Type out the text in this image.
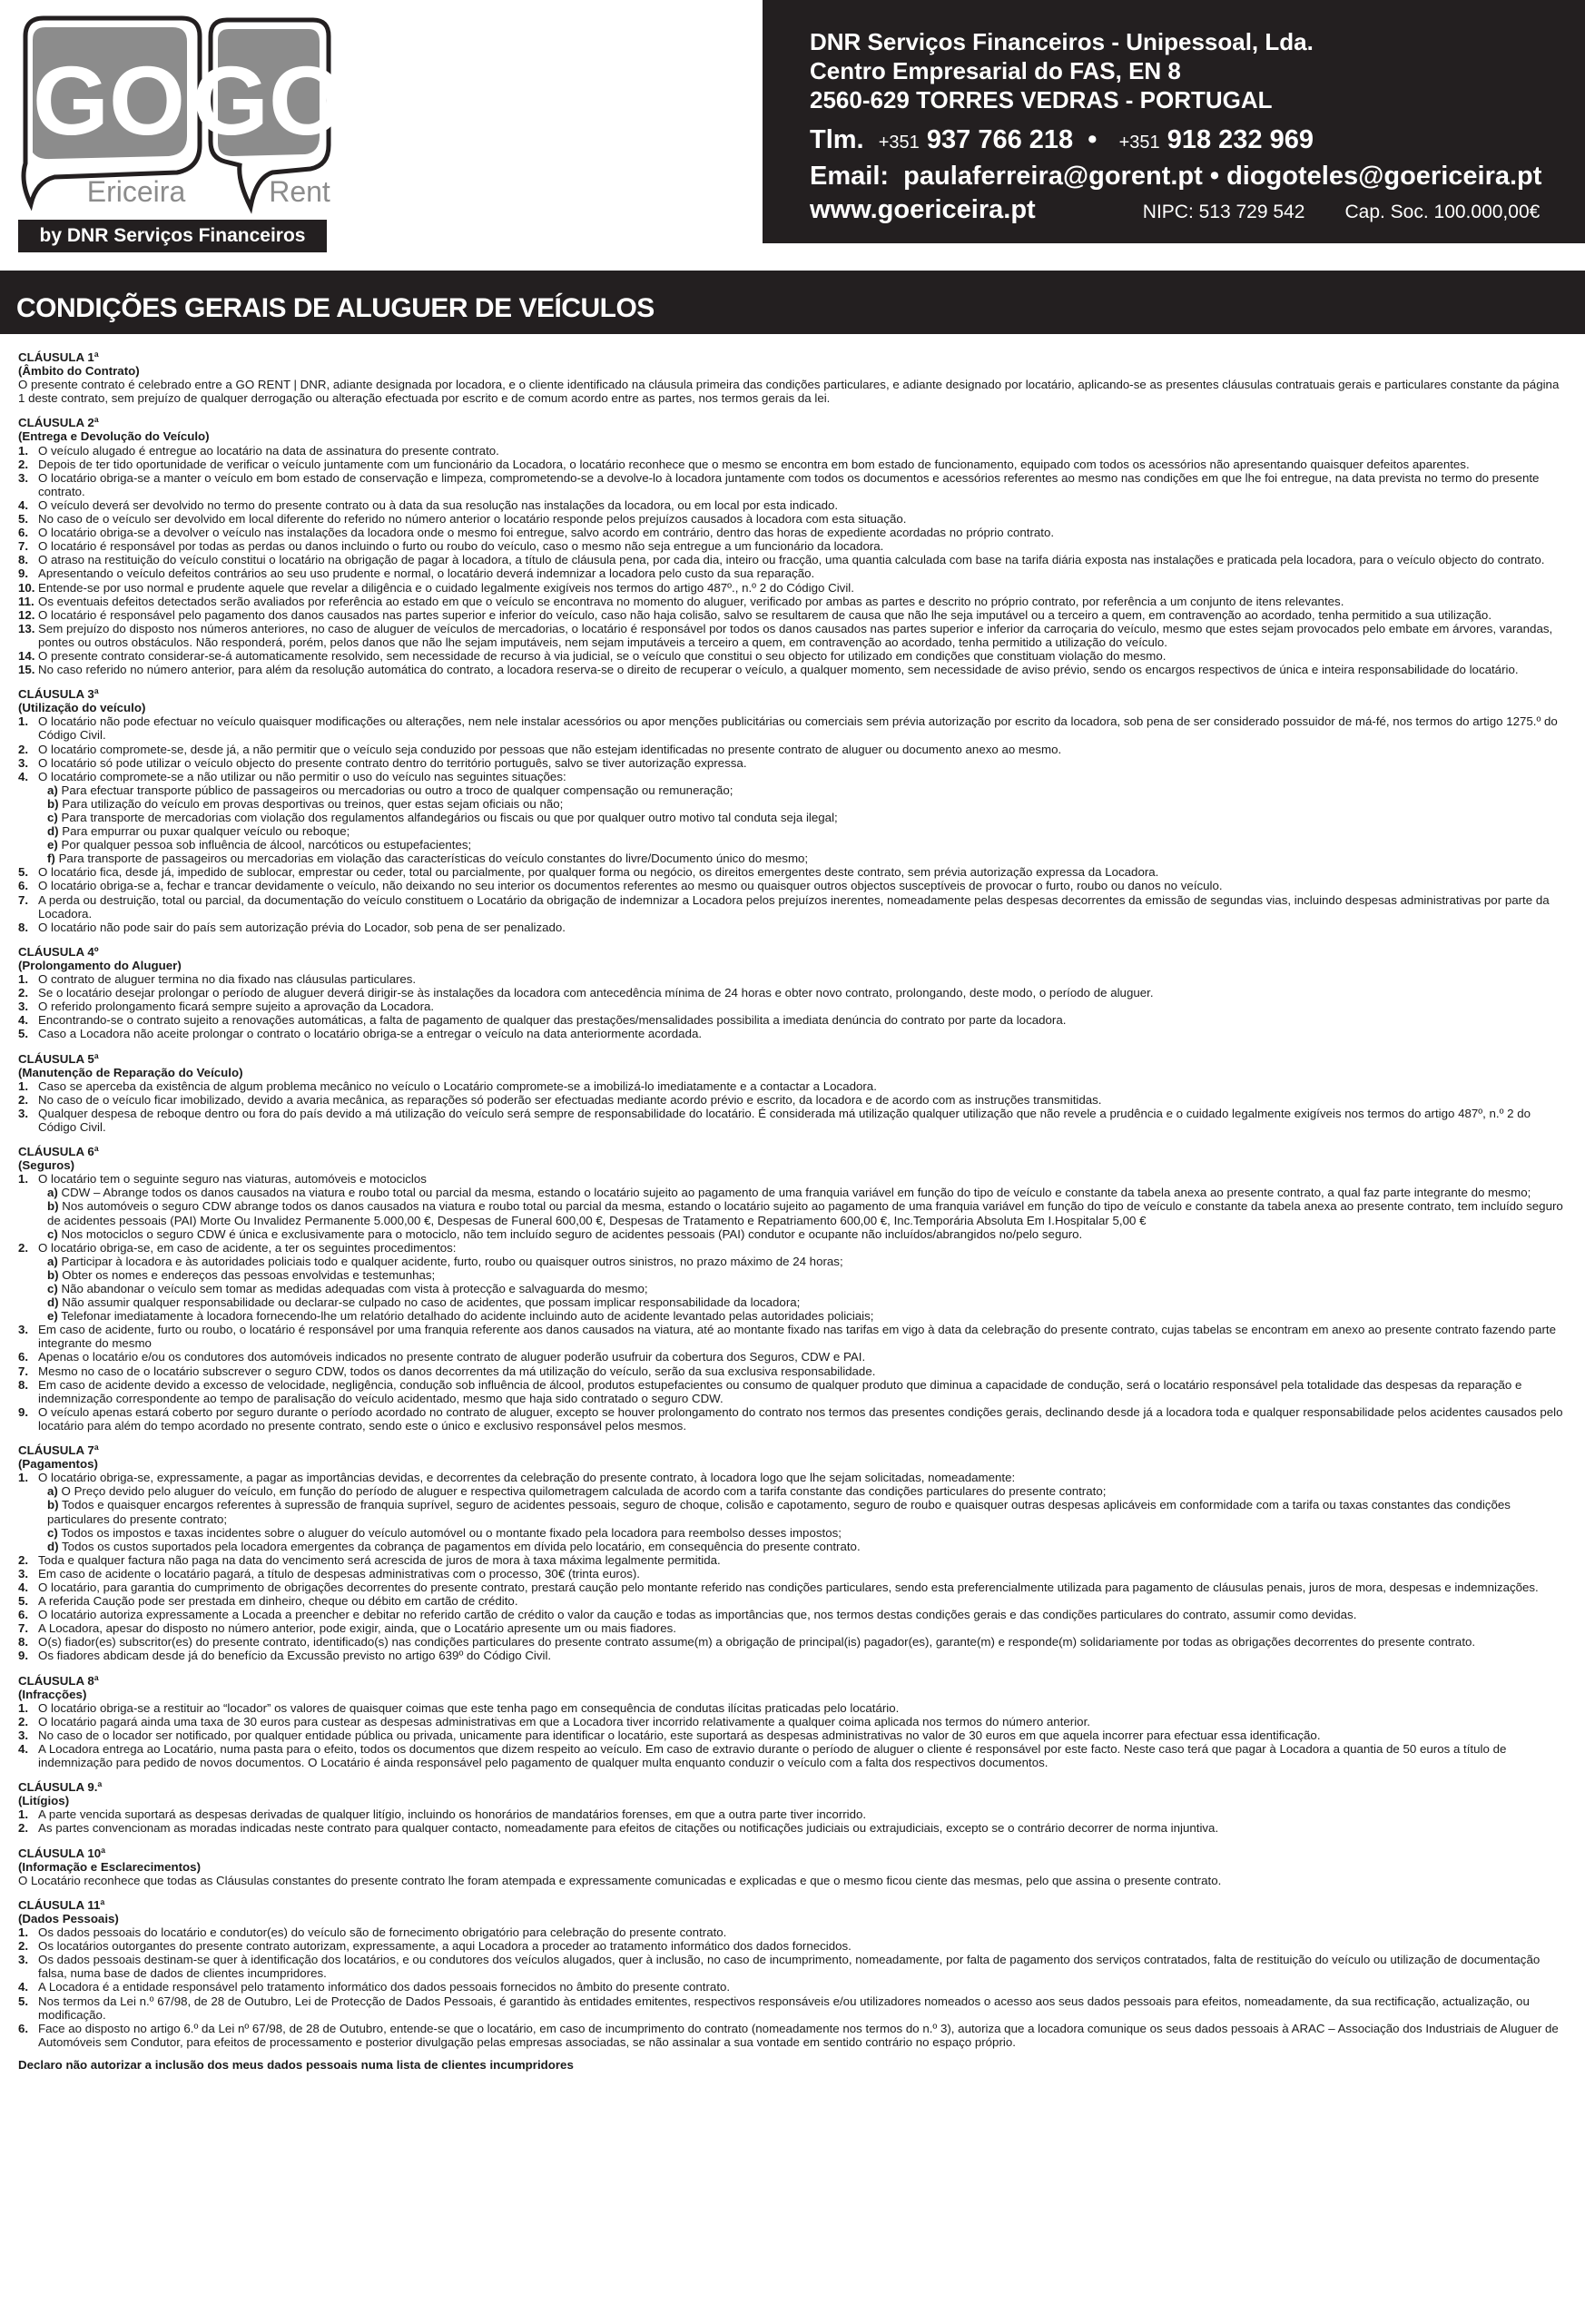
GO
Ericeira
GO
Rent
by DNR Serviços Financeiros
DNR Serviços Financeiros - Unipessoal, Lda.
Centro Empresarial do FAS, EN 8
2560-629 TORRES VEDRAS - PORTUGAL
Tlm. +351 937 766 218  •   +351 918 232 969
Email: paulaferreira@gorent.pt • diogoteles@goericeira.pt
www.goericeira.pt	NIPC: 513 729 542 Cap. Soc. 100.000,00€
CONDIÇÕES GERAIS DE ALUGUER DE VEÍCULOS
CLÁUSULA 1ª
(Âmbito do Contrato)
O presente contrato é celebrado entre a GO RENT | DNR, adiante designada por locadora, e o cliente identificado na cláusula primeira das condições particulares, e adiante designado por locatário, aplicando-se as presentes cláusulas contratuais gerais e particulares constante da página 1 deste contrato, sem prejuízo de qualquer derrogação ou alteração efectuada por escrito e de comum acordo entre as partes, nos termos gerais da lei.
CLÁUSULA 2ª
(Entrega e Devolução do Veículo)
1. O veículo alugado é entregue ao locatário na data de assinatura do presente contrato.
2. Depois de ter tido oportunidade de verificar o veículo juntamente com um funcionário da Locadora, o locatário reconhece que o mesmo se encontra em bom estado de funcionamento, equipado com todos os acessórios não apresentando quaisquer defeitos aparentes.
3. O locatário obriga-se a manter o veículo em bom estado de conservação e limpeza, comprometendo-se a devolve-lo à locadora juntamente com todos os documentos e acessórios referentes ao mesmo nas condições em que lhe foi entregue, na data prevista no termo do presente contrato.
4. O veículo deverá ser devolvido no termo do presente contrato ou à data da sua resolução nas instalações da locadora, ou em local por esta indicado.
5. No caso de o veículo ser devolvido em local diferente do referido no número anterior o locatário responde pelos prejuízos causados à locadora com esta situação.
6. O locatário obriga-se a devolver o veículo nas instalações da locadora onde o mesmo foi entregue, salvo acordo em contrário, dentro das horas de expediente acordadas no próprio contrato.
7. O locatário é responsável por todas as perdas ou danos incluindo o furto ou roubo do veículo, caso o mesmo não seja entregue a um funcionário da locadora.
8. O atraso na restituição do veículo constitui o locatário na obrigação de pagar à locadora, a título de cláusula pena, por cada dia, inteiro ou fracção, uma quantia calculada com base na tarifa diária exposta nas instalações e praticada pela locadora, para o veículo objecto do contrato.
9. Apresentando o veículo defeitos contrários ao seu uso prudente e normal, o locatário deverá indemnizar a locadora pelo custo da sua reparação.
10. Entende-se por uso normal e prudente aquele que revelar a diligência e o cuidado legalmente exigíveis nos termos do artigo 487º., n.º 2 do Código Civil.
11. Os eventuais defeitos detectados serão avaliados por referência ao estado em que o veículo se encontrava no momento do aluguer, verificado por ambas as partes e descrito no próprio contrato, por referência a um conjunto de itens relevantes.
12. O locatário é responsável pelo pagamento dos danos causados nas partes superior e inferior do veículo, caso não haja colisão, salvo se resultarem de causa que não lhe seja imputável ou a terceiro a quem, em contravenção ao acordado, tenha permitido a sua utilização.
13. Sem prejuízo do disposto nos números anteriores, no caso de aluguer de veículos de mercadorias, o locatário é responsável por todos os danos causados nas partes superior e inferior da carroçaria do veículo, mesmo que estes sejam provocados pelo embate em árvores, varandas, pontes ou outros obstáculos. Não responderá, porém, pelos danos que não lhe sejam imputáveis, nem sejam imputáveis a terceiro a quem, em contravenção ao acordado, tenha permitido a utilização do veículo.
14. O presente contrato considerar-se-á automaticamente resolvido, sem necessidade de recurso à via judicial, se o veículo que constitui o seu objecto for utilizado em condições que constituam violação do mesmo.
15. No caso referido no número anterior, para além da resolução automática do contrato, a locadora reserva-se o direito de recuperar o veículo, a qualquer momento, sem necessidade de aviso prévio, sendo os encargos respectivos de única e inteira responsabilidade do locatário.
CLÁUSULA 3ª
(Utilização do veículo)
1. O locatário não pode efectuar no veículo quaisquer modificações ou alterações, nem nele instalar acessórios ou apor menções publicitárias ou comerciais sem prévia autorização por escrito da locadora, sob pena de ser considerado possuidor de má-fé, nos termos do artigo 1275.º do Código Civil.
2. O locatário compromete-se, desde já, a não permitir que o veículo seja conduzido por pessoas que não estejam identificadas no presente contrato de aluguer ou documento anexo ao mesmo.
3. O locatário só pode utilizar o veículo objecto do presente contrato dentro do território português, salvo se tiver autorização expressa.
4. O locatário compromete-se a não utilizar ou não permitir o uso do veículo nas seguintes situações:
a) Para efectuar transporte público de passageiros ou mercadorias ou outro a troco de qualquer compensação ou remuneração;
b) Para utilização do veículo em provas desportivas ou treinos, quer estas sejam oficiais ou não;
c) Para transporte de mercadorias com violação dos regulamentos alfandegários ou fiscais ou que por qualquer outro motivo tal conduta seja ilegal;
d) Para empurrar ou puxar qualquer veículo ou reboque;
e) Por qualquer pessoa sob influência de álcool, narcóticos ou estupefacientes;
f) Para transporte de passageiros ou mercadorias em violação das características do veículo constantes do livre/Documento único do mesmo;
5. O locatário fica, desde já, impedido de sublocar, emprestar ou ceder, total ou parcialmente, por qualquer forma ou negócio, os direitos emergentes deste contrato, sem prévia autorização expressa da Locadora.
6. O locatário obriga-se a, fechar e trancar devidamente o veículo, não deixando no seu interior os documentos referentes ao mesmo ou quaisquer outros objectos susceptíveis de provocar o furto, roubo ou danos no veículo.
7. A perda ou destruição, total ou parcial, da documentação do veículo constituem o Locatário da obrigação de indemnizar a Locadora pelos prejuízos inerentes, nomeadamente pelas despesas decorrentes da emissão de segundas vias, incluindo despesas administrativas por parte da Locadora.
8. O locatário não pode sair do país sem autorização prévia do Locador, sob pena de ser penalizado.
CLÁUSULA 4º
(Prolongamento do Aluguer)
1. O contrato de aluguer termina no dia fixado nas cláusulas particulares.
2. Se o locatário desejar prolongar o período de aluguer deverá dirigir-se às instalações da locadora com antecedência mínima de 24 horas e obter novo contrato, prolongando, deste modo, o período de aluguer.
3. O referido prolongamento ficará sempre sujeito a aprovação da Locadora.
4. Encontrando-se o contrato sujeito a renovações automáticas, a falta de pagamento de qualquer das prestações/mensalidades possibilita a imediata denúncia do contrato por parte da locadora.
5. Caso a Locadora não aceite prolongar o contrato o locatário obriga-se a entregar o veículo na data anteriormente acordada.
CLÁUSULA 5ª
(Manutenção de Reparação do Veículo)
1. Caso se aperceba da existência de algum problema mecânico no veículo o Locatário compromete-se a imobilizá-lo imediatamente e a contactar a Locadora.
2. No caso de o veículo ficar imobilizado, devido a avaria mecânica, as reparações só poderão ser efectuadas mediante acordo prévio e escrito, da locadora e de acordo com as instruções transmitidas.
3. Qualquer despesa de reboque dentro ou fora do país devido a má utilização do veículo será sempre de responsabilidade do locatário. É considerada má utilização qualquer utilização que não revele a prudência e o cuidado legalmente exigíveis nos termos do artigo 487º, n.º 2 do Código Civil.
CLÁUSULA 6ª
(Seguros)
1. O locatário tem o seguinte seguro nas viaturas, automóveis e motociclos
a) CDW – Abrange todos os danos causados na viatura e roubo total ou parcial da mesma, estando o locatário sujeito ao pagamento de uma franquia variável em função do tipo de veículo e constante da tabela anexa ao presente contrato, a qual faz parte integrante do mesmo;
b) Nos automóveis o seguro CDW abrange todos os danos causados na viatura e roubo total ou parcial da mesma, estando o locatário sujeito ao pagamento de uma franquia variável em função do tipo de veículo e constante da tabela anexa ao presente contrato, tem incluído seguro de acidentes pessoais (PAI) Morte Ou Invalidez Permanente 5.000,00 €, Despesas de Funeral 600,00 €, Despesas de Tratamento e Repatriamento 600,00 €, Inc.Temporária Absoluta Em I.Hospitalar 5,00 €
c) Nos motociclos o seguro CDW é única e exclusivamente para o motociclo, não tem incluído seguro de acidentes pessoais (PAI) condutor e ocupante não incluídos/abrangidos no/pelo seguro.
2. O locatário obriga-se, em caso de acidente, a ter os seguintes procedimentos:
a) Participar à locadora e às autoridades policiais todo e qualquer acidente, furto, roubo ou quaisquer outros sinistros, no prazo máximo de 24 horas;
b) Obter os nomes e endereços das pessoas envolvidas e testemunhas;
c) Não abandonar o veículo sem tomar as medidas adequadas com vista à protecção e salvaguarda do mesmo;
d) Não assumir qualquer responsabilidade ou declarar-se culpado no caso de acidentes, que possam implicar responsabilidade da locadora;
e) Telefonar imediatamente à locadora fornecendo-lhe um relatório detalhado do acidente incluindo auto de acidente levantado pelas autoridades policiais;
3. Em caso de acidente, furto ou roubo, o locatário é responsável por uma franquia referente aos danos causados na viatura, até ao montante fixado nas tarifas em vigo à data da celebração do presente contrato, cujas tabelas se encontram em anexo ao presente contrato fazendo parte integrante do mesmo
6. Apenas o locatário e/ou os condutores dos automóveis indicados no presente contrato de aluguer poderão usufruir da cobertura dos Seguros, CDW e PAI.
7. Mesmo no caso de o locatário subscrever o seguro CDW, todos os danos decorrentes da má utilização do veículo, serão da sua exclusiva responsabilidade.
8. Em caso de acidente devido a excesso de velocidade, negligência, condução sob influência de álcool, produtos estupefacientes ou consumo de qualquer produto que diminua a capacidade de condução, será o locatário responsável pela totalidade das despesas da reparação e indemnização correspondente ao tempo de paralisação do veículo acidentado, mesmo que haja sido contratado o seguro CDW.
9. O veículo apenas estará coberto por seguro durante o período acordado no contrato de aluguer, excepto se houver prolongamento do contrato nos termos das presentes condições gerais, declinando desde já a locadora toda e qualquer responsabilidade pelos acidentes causados pelo locatário para além do tempo acordado no presente contrato, sendo este o único e exclusivo responsável pelos mesmos.
CLÁUSULA 7ª
(Pagamentos)
1. O locatário obriga-se, expressamente, a pagar as importâncias devidas, e decorrentes da celebração do presente contrato, à locadora logo que lhe sejam solicitadas, nomeadamente:
a) O Preço devido pelo aluguer do veículo, em função do período de aluguer e respectiva quilometragem calculada de acordo com a tarifa constante das condições particulares do presente contrato;
b) Todos e quaisquer encargos referentes à supressão de franquia suprível, seguro de acidentes pessoais, seguro de choque, colisão e capotamento, seguro de roubo e quaisquer outras despesas aplicáveis em conformidade com a tarifa ou taxas constantes das condições particulares do presente contrato;
c) Todos os impostos e taxas incidentes sobre o aluguer do veículo automóvel ou o montante fixado pela locadora para reembolso desses impostos;
d) Todos os custos suportados pela locadora emergentes da cobrança de pagamentos em dívida pelo locatário, em consequência do presente contrato.
2. Toda e qualquer factura não paga na data do vencimento será acrescida de juros de mora à taxa máxima legalmente permitida.
3. Em caso de acidente o locatário pagará, a título de despesas administrativas com o processo, 30€ (trinta euros).
4. O locatário, para garantia do cumprimento de obrigações decorrentes do presente contrato, prestará caução pelo montante referido nas condições particulares, sendo esta preferencialmente utilizada para pagamento de cláusulas penais, juros de mora, despesas e indemnizações.
5. A referida Caução pode ser prestada em dinheiro, cheque ou débito em cartão de crédito.
6. O locatário autoriza expressamente a Locada a preencher e debitar no referido cartão de crédito o valor da caução e todas as importâncias que, nos termos destas condições gerais e das condições particulares do contrato, assumir como devidas.
7. A Locadora, apesar do disposto no número anterior, pode exigir, ainda, que o Locatário apresente um ou mais fiadores.
8. O(s) fiador(es) subscritor(es) do presente contrato, identificado(s) nas condições particulares do presente contrato assume(m) a obrigação de principal(is) pagador(es), garante(m) e responde(m) solidariamente por todas as obrigações decorrentes do presente contrato.
9. Os fiadores abdicam desde já do benefício da Excussão previsto no artigo 639º do Código Civil.
CLÁUSULA 8ª
(Infracções)
1. O locatário obriga-se a restituir ao “locador” os valores de quaisquer coimas que este tenha pago em consequência de condutas ilícitas praticadas pelo locatário.
2. O locatário pagará ainda uma taxa de 30 euros para custear as despesas administrativas em que a Locadora tiver incorrido relativamente a qualquer coima aplicada nos termos do número anterior.
3. No caso de o locador ser notificado, por qualquer entidade pública ou privada, unicamente para identificar o locatário, este suportará as despesas administrativas no valor de 30 euros em que aquela incorrer para efectuar essa identificação.
4. A Locadora entrega ao Locatário, numa pasta para o efeito, todos os documentos que dizem respeito ao veículo. Em caso de extravio durante o período de aluguer o cliente é responsável por este facto. Neste caso terá que pagar à Locadora a quantia de 50 euros a título de indemnização para pedido de novos documentos. O Locatário é ainda responsável pelo pagamento de qualquer multa enquanto conduzir o veículo com a falta dos respectivos documentos.
CLÁUSULA 9.ª
(Litígios)
1. A parte vencida suportará as despesas derivadas de qualquer litígio, incluindo os honorários de mandatários forenses, em que a outra parte tiver incorrido.
2. As partes convencionam as moradas indicadas neste contrato para qualquer contacto, nomeadamente para efeitos de citações ou notificações judiciais ou extrajudiciais, excepto se o contrário decorrer de norma injuntiva.
CLÁUSULA 10ª
(Informação e Esclarecimentos)
O Locatário reconhece que todas as Cláusulas constantes do presente contrato lhe foram atempada e expressamente comunicadas e explicadas e que o mesmo ficou ciente das mesmas, pelo que assina o presente contrato.
CLÁUSULA 11ª
(Dados Pessoais)
1. Os dados pessoais do locatário e condutor(es) do veículo são de fornecimento obrigatório para celebração do presente contrato.
2. Os locatários outorgantes do presente contrato autorizam, expressamente, a aqui Locadora a proceder ao tratamento informático dos dados fornecidos.
3. Os dados pessoais destinam-se quer à identificação dos locatários, e ou condutores dos veículos alugados, quer à inclusão, no caso de incumprimento, nomeadamente, por falta de pagamento dos serviços contratados, falta de restituição do veículo ou utilização de documentação falsa, numa base de dados de clientes incumpridores.
4. A Locadora é a entidade responsável pelo tratamento informático dos dados pessoais fornecidos no âmbito do presente contrato.
5. Nos termos da Lei n.º 67/98, de 28 de Outubro, Lei de Protecção de Dados Pessoais, é garantido às entidades emitentes, respectivos responsáveis e/ou utilizadores nomeados o acesso aos seus dados pessoais para efeitos, nomeadamente, da sua rectificação, actualização, ou modificação.
6. Face ao disposto no artigo 6.º da Lei nº 67/98, de 28 de Outubro, entende-se que o locatário, em caso de incumprimento do contrato (nomeadamente nos termos do n.º 3), autoriza que a locadora comunique os seus dados pessoais à ARAC – Associação dos Industriais de Aluguer de Automóveis sem Condutor, para efeitos de processamento e posterior divulgação pelas empresas associadas, se não assinalar a sua vontade em sentido contrário no espaço próprio.
Declaro não autorizar a inclusão dos meus dados pessoais numa lista de clientes incumpridores
